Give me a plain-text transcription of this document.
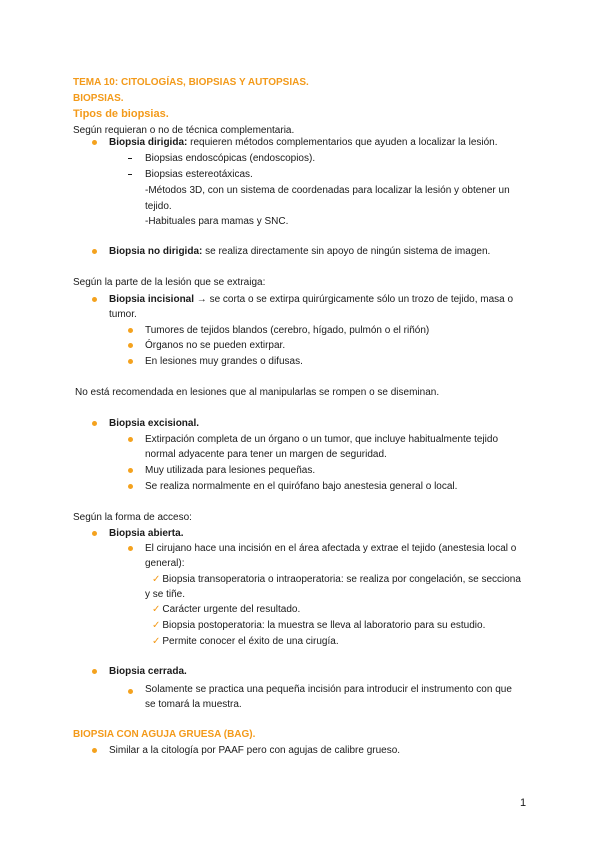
TEMA 10: CITOLOGÍAS, BIOPSIAS Y AUTOPSIAS.
BIOPSIAS.
Tipos de biopsias.
Según requieran o no de técnica complementaria.
Biopsia dirigida: requieren métodos complementarios que ayuden a localizar la lesión.
Biopsias endoscópicas (endoscopios).
Biopsias estereotáxicas.
-Métodos 3D, con un sistema de coordenadas para localizar la lesión y obtener un
tejido.
-Habituales para mamas y SNC.
Biopsia no dirigida: se realiza directamente sin apoyo de ningún sistema de imagen.
Según la parte de la lesión que se extraiga:
Biopsia incisional → se corta o se extirpa quirúrgicamente sólo un trozo de tejido, masa o
tumor.
Tumores de tejidos blandos (cerebro, hígado, pulmón o el riñón)
Órganos no se pueden extirpar.
En lesiones muy grandes o difusas.
No está recomendada en lesiones que al manipularlas se rompen o se diseminan.
Biopsia excisional.
Extirpación completa de un órgano o un tumor, que incluye habitualmente tejido
normal adyacente para tener un margen de seguridad.
Muy utilizada para lesiones pequeñas.
Se realiza normalmente en el quirófano bajo anestesia general o local.
Según la forma de acceso:
Biopsia abierta.
El cirujano hace una incisión en el área afectada y extrae el tejido (anestesia local o
general):
✓ Biopsia transoperatoria o intraoperatoria: se realiza por congelación, se secciona
y se tiñe.
✓ Carácter urgente del resultado.
✓ Biopsia postoperatoria: la muestra se lleva al laboratorio para su estudio.
✓ Permite conocer el éxito de una cirugía.
Biopsia cerrada.
Solamente se practica una pequeña incisión para introducir el instrumento con que
se tomará la muestra.
BIOPSIA CON AGUJA GRUESA (BAG).
Similar a la citología por PAAF pero con agujas de calibre grueso.
1
